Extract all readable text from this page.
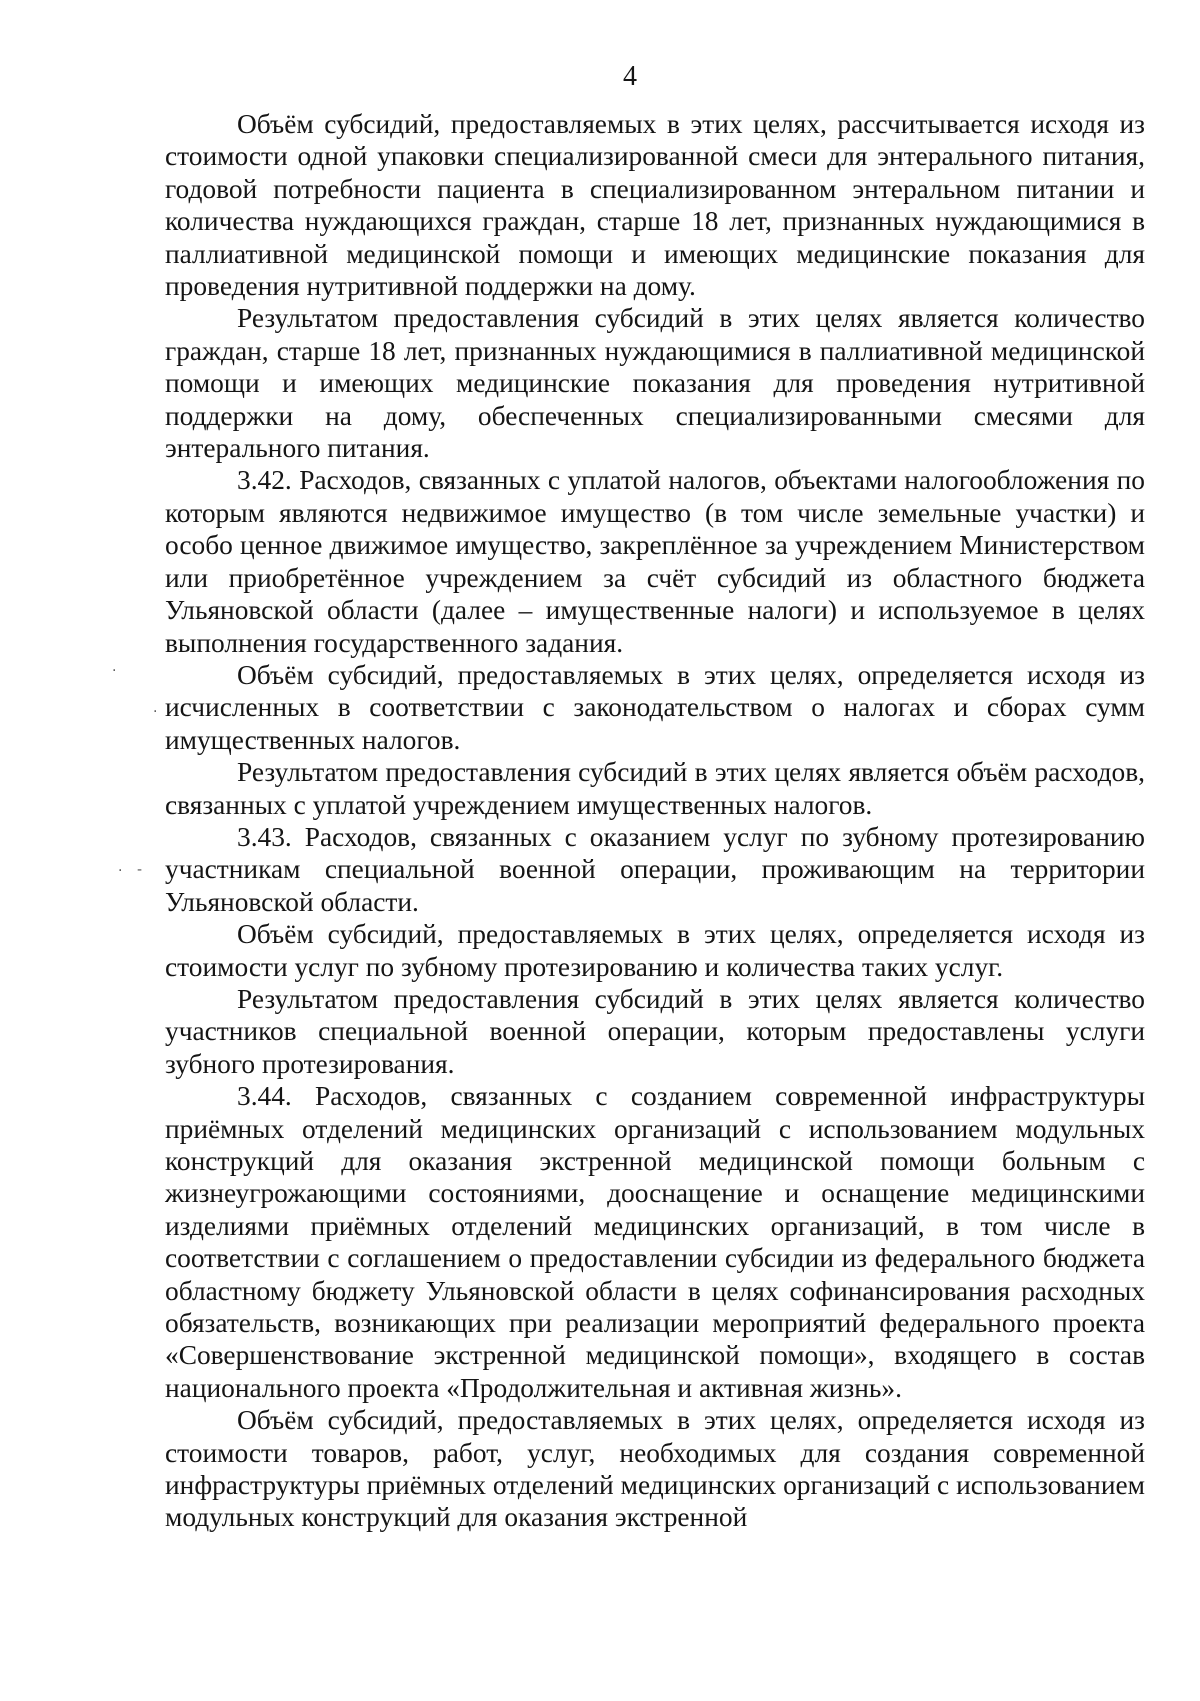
4

Объём субсидий, предоставляемых в этих целях, рассчитывается исходя из стоимости одной упаковки специализированной смеси для энтерального питания, годовой потребности пациента в специализированном энтеральном питании и количества нуждающихся граждан, старше 18 лет, признанных нуждающимися в паллиативной медицинской помощи и имеющих медицинские показания для проведения нутритивной поддержки на дому.

Результатом предоставления субсидий в этих целях является количество граждан, старше 18 лет, признанных нуждающимися в паллиативной медицинской помощи и имеющих медицинские показания для проведения нутритивной поддержки на дому, обеспеченных специализированными смесями для энтерального питания.

3.42. Расходов, связанных с уплатой налогов, объектами налогообложения по которым являются недвижимое имущество (в том числе земельные участки) и особо ценное движимое имущество, закреплённое за учреждением Министерством или приобретённое учреждением за счёт субсидий из областного бюджета Ульяновской области (далее – имущественные налоги) и используемое в целях выполнения государственного задания.

Объём субсидий, предоставляемых в этих целях, определяется исходя из исчисленных в соответствии с законодательством о налогах и сборах сумм имущественных налогов.

Результатом предоставления субсидий в этих целях является объём расходов, связанных с уплатой учреждением имущественных налогов.

3.43. Расходов, связанных с оказанием услуг по зубному протезированию участникам специальной военной операции, проживающим на территории Ульяновской области.

Объём субсидий, предоставляемых в этих целях, определяется исходя из стоимости услуг по зубному протезированию и количества таких услуг.

Результатом предоставления субсидий в этих целях является количество участников специальной военной операции, которым предоставлены услуги зубного протезирования.

3.44. Расходов, связанных с созданием современной инфраструктуры приёмных отделений медицинских организаций с использованием модульных конструкций для оказания экстренной медицинской помощи больным с жизнеугрожающими состояниями, дооснащение и оснащение медицинскими изделиями приёмных отделений медицинских организаций, в том числе в соответствии с соглашением о предоставлении субсидии из федерального бюджета областному бюджету Ульяновской области в целях софинансирования расходных обязательств, возникающих при реализации мероприятий федерального проекта «Совершенствование экстренной медицинской помощи», входящего в состав национального проекта «Продолжительная и активная жизнь».

Объём субсидий, предоставляемых в этих целях, определяется исходя из стоимости товаров, работ, услуг, необходимых для создания современной инфраструктуры приёмных отделений медицинских организаций с использованием модульных конструкций для оказания экстренной

·
·
· -
